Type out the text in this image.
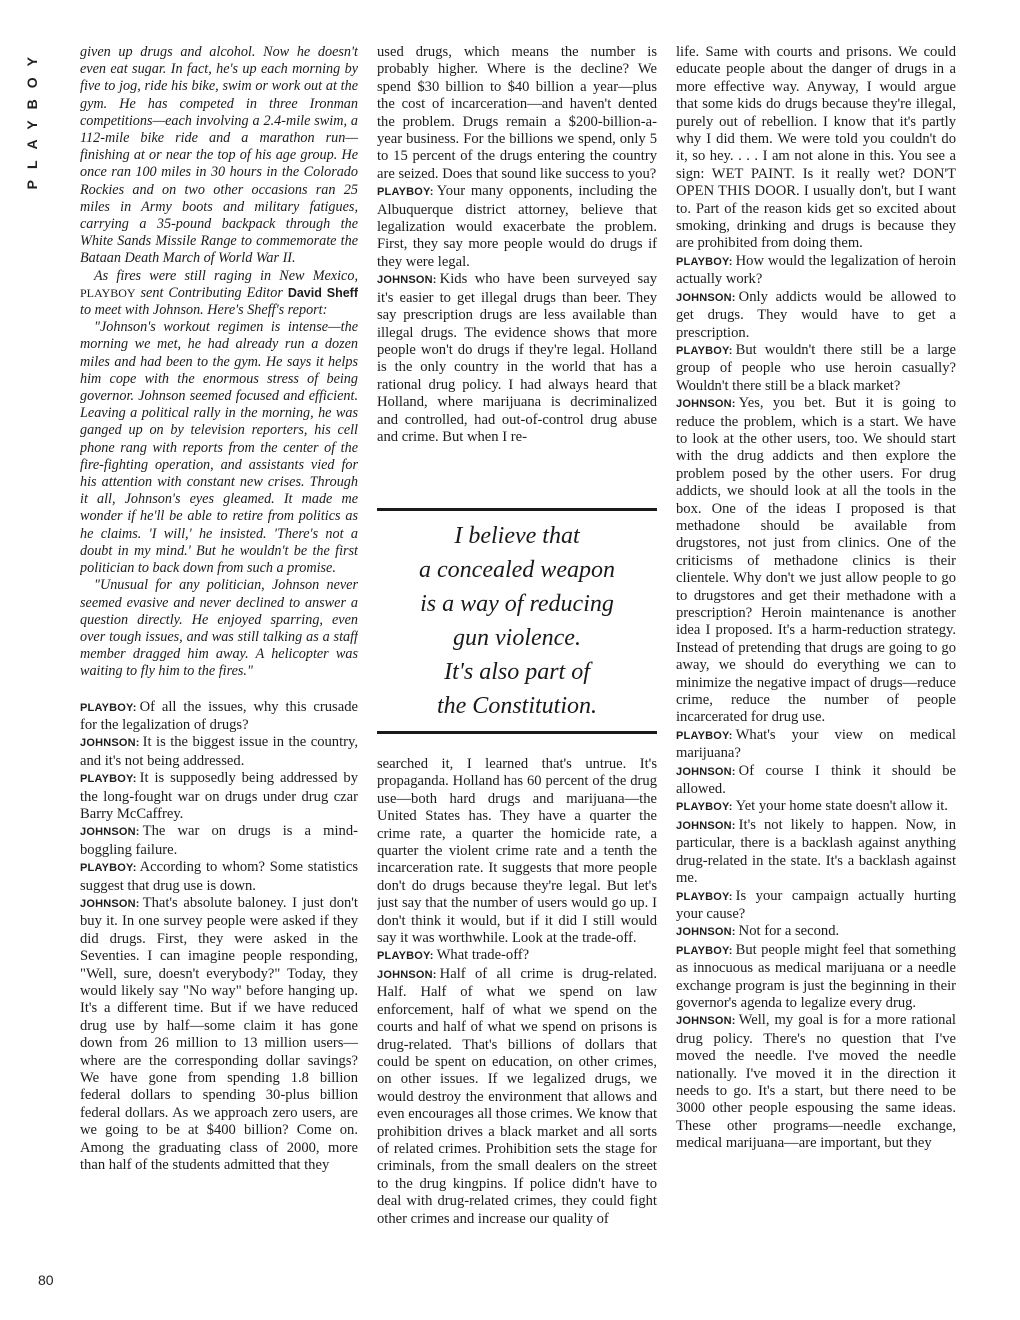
PLAYBOY
80

given up drugs and alcohol. Now he doesn't even eat sugar. In fact, he's up each morning by five to jog, ride his bike, swim or work out at the gym. He has competed in three Ironman competitions—each involving a 2.4-mile swim, a 112-mile bike ride and a marathon run—finishing at or near the top of his age group. He once ran 100 miles in 30 hours in the Colorado Rockies and on two other occasions ran 25 miles in Army boots and military fatigues, carrying a 35-pound backpack through the White Sands Missile Range to commemorate the Bataan Death March of World War II.

As fires were still raging in New Mexico, PLAYBOY sent Contributing Editor David Sheff to meet with Johnson. Here's Sheff's report:

"Johnson's workout regimen is intense—the morning we met, he had already run a dozen miles and had been to the gym. He says it helps him cope with the enormous stress of being governor. Johnson seemed focused and efficient. Leaving a political rally in the morning, he was ganged up on by television reporters, his cell phone rang with reports from the center of the fire-fighting operation, and assistants vied for his attention with constant new crises. Through it all, Johnson's eyes gleamed. It made me wonder if he'll be able to retire from politics as he claims. 'I will,' he insisted. 'There's not a doubt in my mind.' But he wouldn't be the first politician to back down from such a promise.

"Unusual for any politician, Johnson never seemed evasive and never declined to answer a question directly. He enjoyed sparring, even over tough issues, and was still talking as a staff member dragged him away. A helicopter was waiting to fly him to the fires."

PLAYBOY: Of all the issues, why this crusade for the legalization of drugs?

JOHNSON: It is the biggest issue in the country, and it's not being addressed.

PLAYBOY: It is supposedly being addressed by the long-fought war on drugs under drug czar Barry McCaffrey.

JOHNSON: The war on drugs is a mind-boggling failure.

PLAYBOY: According to whom? Some statistics suggest that drug use is down.

JOHNSON: That's absolute baloney. I just don't buy it. In one survey people were asked if they did drugs. First, they were asked in the Seventies. I can imagine people responding, "Well, sure, doesn't everybody?" Today, they would likely say "No way" before hanging up. It's a different time. But if we have reduced drug use by half—some claim it has gone down from 26 million to 13 million users—where are the corresponding dollar savings? We have gone from spending 1.8 billion federal dollars to spending 30-plus billion federal dollars. As we approach zero users, are we going to be at $400 billion? Come on. Among the graduating class of 2000, more than half of the students admitted that they

used drugs, which means the number is probably higher. Where is the decline? We spend $30 billion to $40 billion a year—plus the cost of incarceration—and haven't dented the problem. Drugs remain a $200-billion-a-year business. For the billions we spend, only 5 to 15 percent of the drugs entering the country are seized. Does that sound like success to you?

PLAYBOY: Your many opponents, including the Albuquerque district attorney, believe that legalization would exacerbate the problem. First, they say more people would do drugs if they were legal.

JOHNSON: Kids who have been surveyed say it's easier to get illegal drugs than beer. They say prescription drugs are less available than illegal drugs. The evidence shows that more people won't do drugs if they're legal. Holland is the only country in the world that has a rational drug policy. I had always heard that Holland, where marijuana is decriminalized and controlled, had out-of-control drug abuse and crime. But when I re-

I believe that
a concealed weapon
is a way of reducing
gun violence.
It's also part of
the Constitution.

searched it, I learned that's untrue. It's propaganda. Holland has 60 percent of the drug use—both hard drugs and marijuana—the United States has. They have a quarter the crime rate, a quarter the homicide rate, a quarter the violent crime rate and a tenth the incarceration rate. It suggests that more people don't do drugs because they're legal. But let's just say that the number of users would go up. I don't think it would, but if it did I still would say it was worthwhile. Look at the trade-off.

PLAYBOY: What trade-off?

JOHNSON: Half of all crime is drug-related. Half. Half of what we spend on law enforcement, half of what we spend on the courts and half of what we spend on prisons is drug-related. That's billions of dollars that could be spent on education, on other crimes, on other issues. If we legalized drugs, we would destroy the environment that allows and even encourages all those crimes. We know that prohibition drives a black market and all sorts of related crimes. Prohibition sets the stage for criminals, from the small dealers on the street to the drug kingpins. If police didn't have to deal with drug-related crimes, they could fight other crimes and increase our quality of

life. Same with courts and prisons. We could educate people about the danger of drugs in a more effective way. Anyway, I would argue that some kids do drugs because they're illegal, purely out of rebellion. I know that it's partly why I did them. We were told you couldn't do it, so hey. . . . I am not alone in this. You see a sign: WET PAINT. Is it really wet? DON'T OPEN THIS DOOR. I usually don't, but I want to. Part of the reason kids get so excited about smoking, drinking and drugs is because they are prohibited from doing them.

PLAYBOY: How would the legalization of heroin actually work?

JOHNSON: Only addicts would be allowed to get drugs. They would have to get a prescription.

PLAYBOY: But wouldn't there still be a large group of people who use heroin casually? Wouldn't there still be a black market?

JOHNSON: Yes, you bet. But it is going to reduce the problem, which is a start. We have to look at the other users, too. We should start with the drug addicts and then explore the problem posed by the other users. For drug addicts, we should look at all the tools in the box. One of the ideas I proposed is that methadone should be available from drugstores, not just from clinics. One of the criticisms of methadone clinics is their clientele. Why don't we just allow people to go to drugstores and get their methadone with a prescription? Heroin maintenance is another idea I proposed. It's a harm-reduction strategy. Instead of pretending that drugs are going to go away, we should do everything we can to minimize the negative impact of drugs—reduce crime, reduce the number of people incarcerated for drug use.

PLAYBOY: What's your view on medical marijuana?

JOHNSON: Of course I think it should be allowed.

PLAYBOY: Yet your home state doesn't allow it.

JOHNSON: It's not likely to happen. Now, in particular, there is a backlash against anything drug-related in the state. It's a backlash against me.

PLAYBOY: Is your campaign actually hurting your cause?

JOHNSON: Not for a second.

PLAYBOY: But people might feel that something as innocuous as medical marijuana or a needle exchange program is just the beginning in their governor's agenda to legalize every drug.

JOHNSON: Well, my goal is for a more rational drug policy. There's no question that I've moved the needle. I've moved the needle nationally. I've moved it in the direction it needs to go. It's a start, but there need to be 3000 other people espousing the same ideas. These other programs—needle exchange, medical marijuana—are important, but they
